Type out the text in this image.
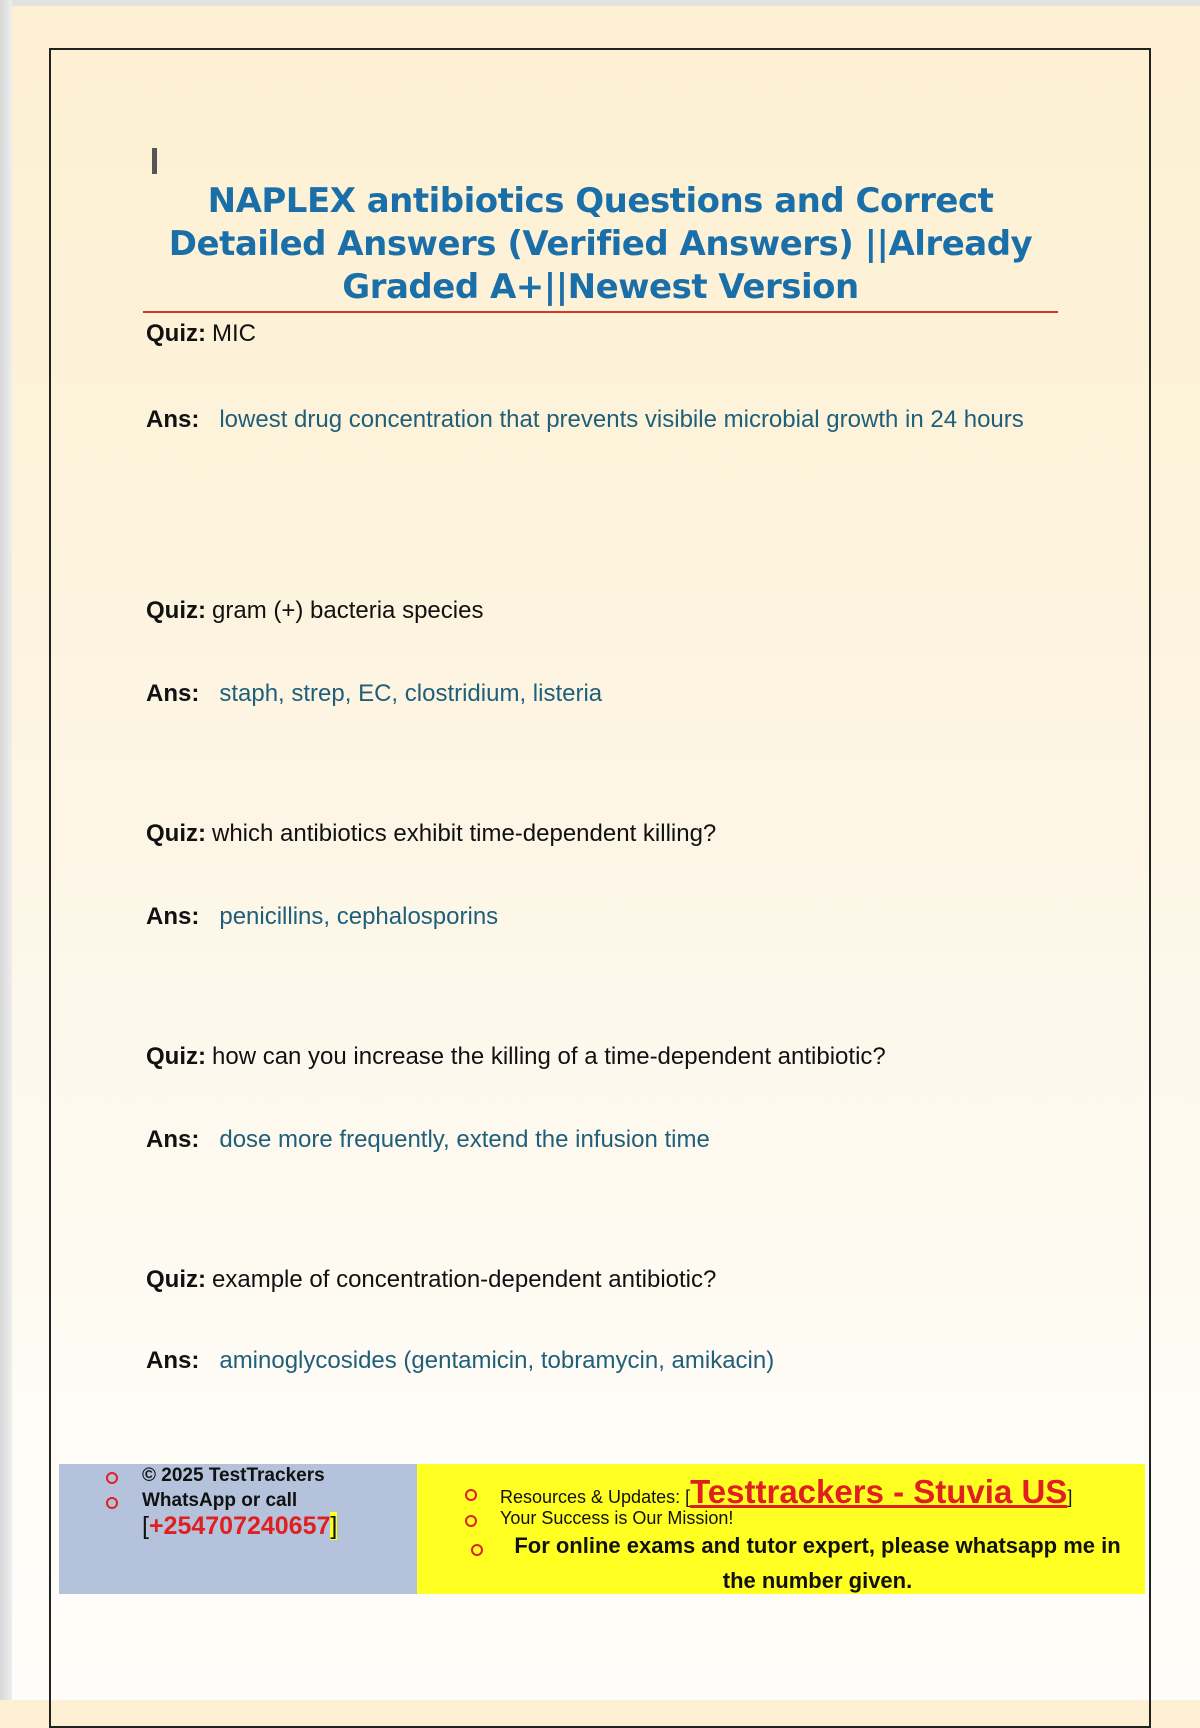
NAPLEX antibiotics Questions and Correct Detailed Answers (Verified Answers) ||Already Graded A+||Newest Version
Quiz: MIC
Ans: lowest drug concentration that prevents visibile microbial growth in 24 hours
Quiz: gram (+) bacteria species
Ans: staph, strep, EC, clostridium, listeria
Quiz: which antibiotics exhibit time-dependent killing?
Ans: penicillins, cephalosporins
Quiz: how can you increase the killing of a time-dependent antibiotic?
Ans: dose more frequently, extend the infusion time
Quiz: example of concentration-dependent antibiotic?
Ans: aminoglycosides (gentamicin, tobramycin, amikacin)
© 2025 TestTrackers
WhatsApp or call
[+254707240657]
Resources & Updates: [Testtrackers - Stuvia US]
Your Success is Our Mission!
For online exams and tutor expert, please whatsapp me in the number given.
